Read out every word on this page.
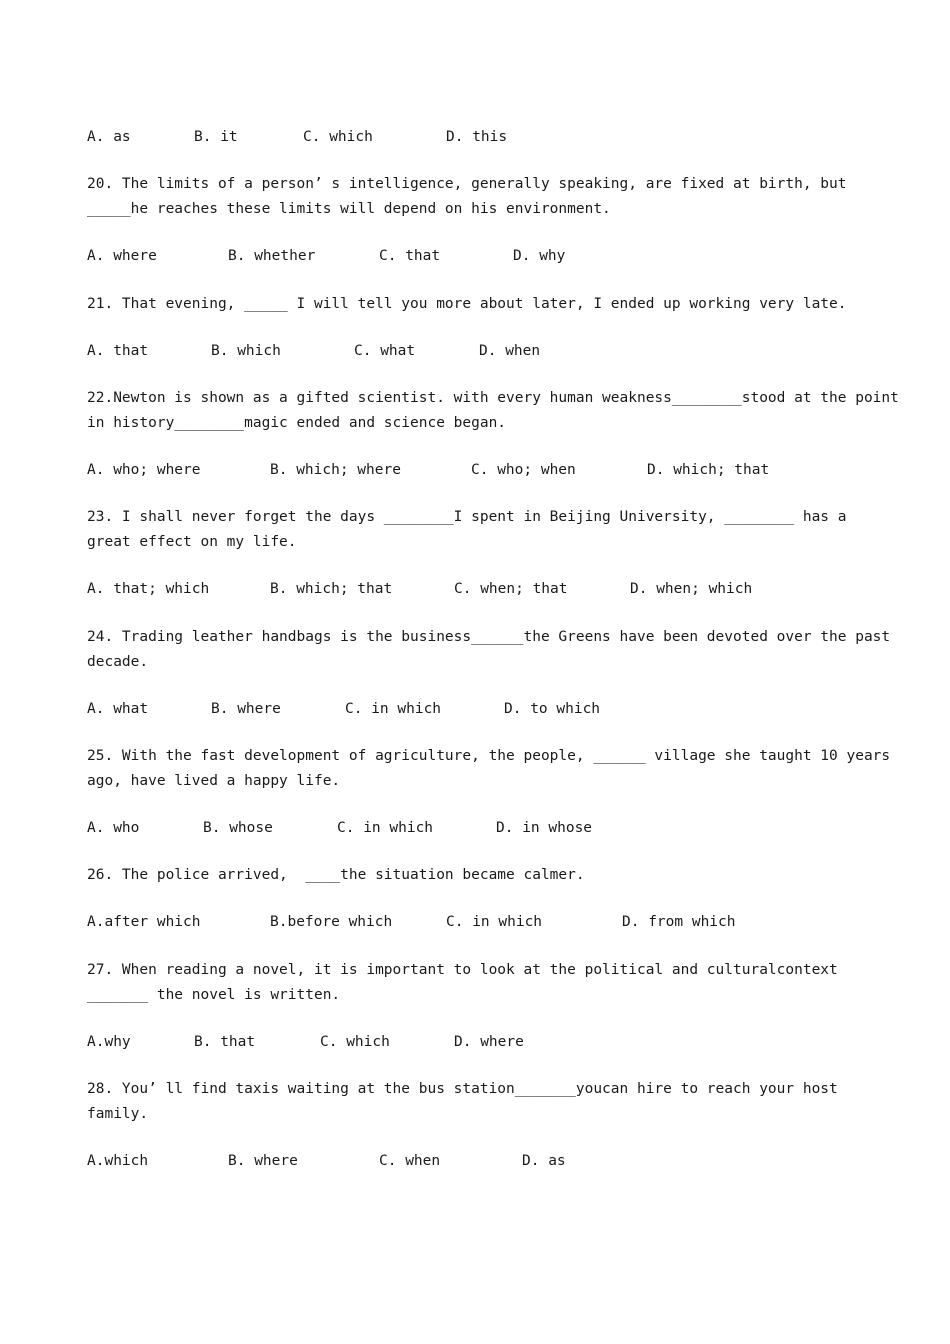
A. as	B. it	C. which	D. this
20. The limits of a person’ s intelligence, generally speaking, are fixed at birth, but
_____he reaches these limits will depend on his environment.
A. where	B. whether	C. that	D. why
21. That evening, _____ I will tell you more about later, I ended up working very late.
A. that	B. which	C. what	D. when
22.Newton is shown as a gifted scientist. with every human weakness________stood at the point
in history________magic ended and science began.
A. who; where	B. which; where	C. who; when	D. which; that
23. I shall never forget the days ________I spent in Beijing University, ________ has a
great effect on my life.
A. that; which	B. which; that	C. when; that	D. when; which
24. Trading leather handbags is the business______the Greens have been devoted over the past
decade.
A. what	B. where	C. in which	D. to which
25. With the fast development of agriculture, the people, ______ village she taught 10 years
ago, have lived a happy life.
A. who	B. whose	C. in which	D. in whose
26. The police arrived,  ____the situation became calmer.
A.after which	B.before which	C. in which	D. from which
27. When reading a novel, it is important to look at the political and culturalcontext
_______ the novel is written.
A.why	B. that	C. which	D. where
28. You’ ll find taxis waiting at the bus station_______youcan hire to reach your host
family.
A.which	B. where	C. when	D. as
